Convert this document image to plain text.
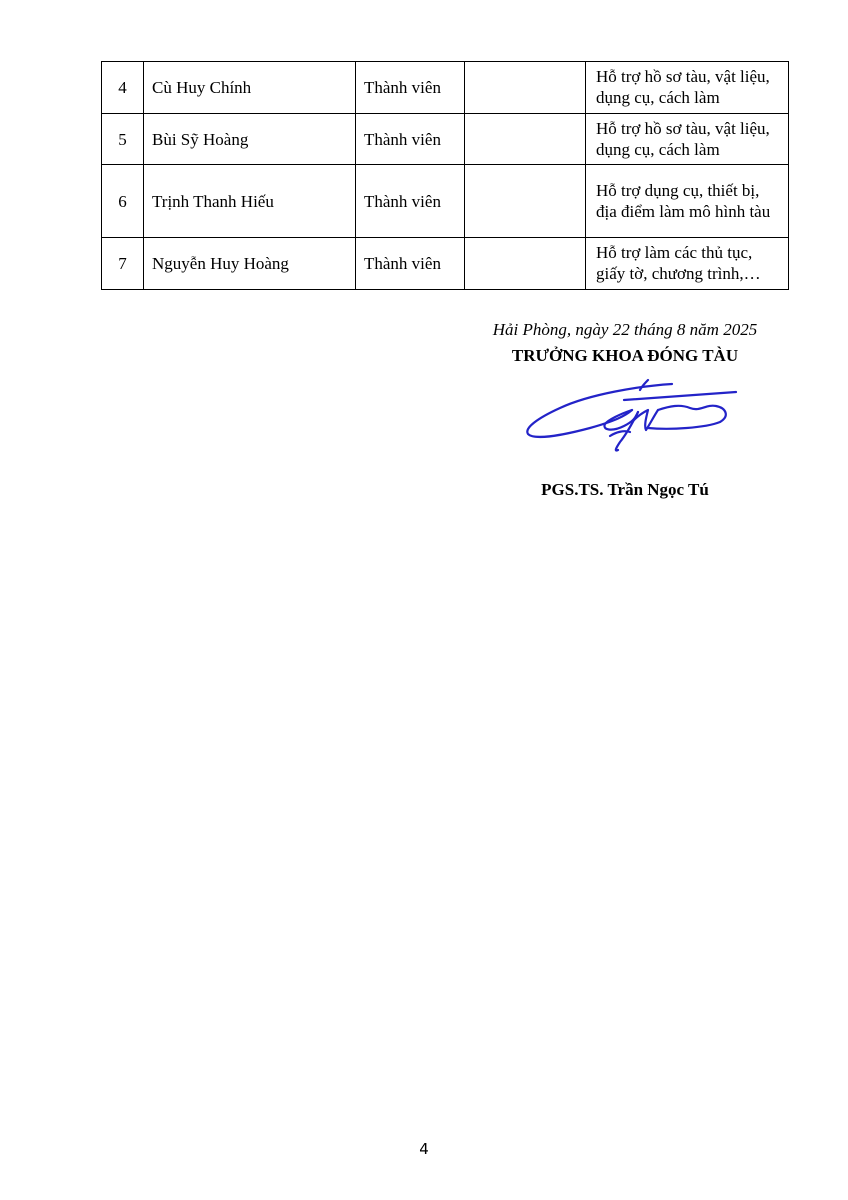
4	Cù Huy Chính	Thành viên		Hỗ trợ hồ sơ tàu, vật liệu, dụng cụ, cách làm
5	Bùi Sỹ Hoàng	Thành viên		Hỗ trợ hồ sơ tàu, vật liệu, dụng cụ, cách làm
6	Trịnh Thanh Hiếu	Thành viên		Hỗ trợ dụng cụ, thiết bị, địa điểm làm mô hình tàu
7	Nguyễn Huy Hoàng	Thành viên		Hỗ trợ làm các thủ tục, giấy tờ, chương trình,…
Hải Phòng, ngày 22 tháng 8 năm 2025
TRƯỞNG KHOA ĐÓNG TÀU
PGS.TS. Trần Ngọc Tú
4
